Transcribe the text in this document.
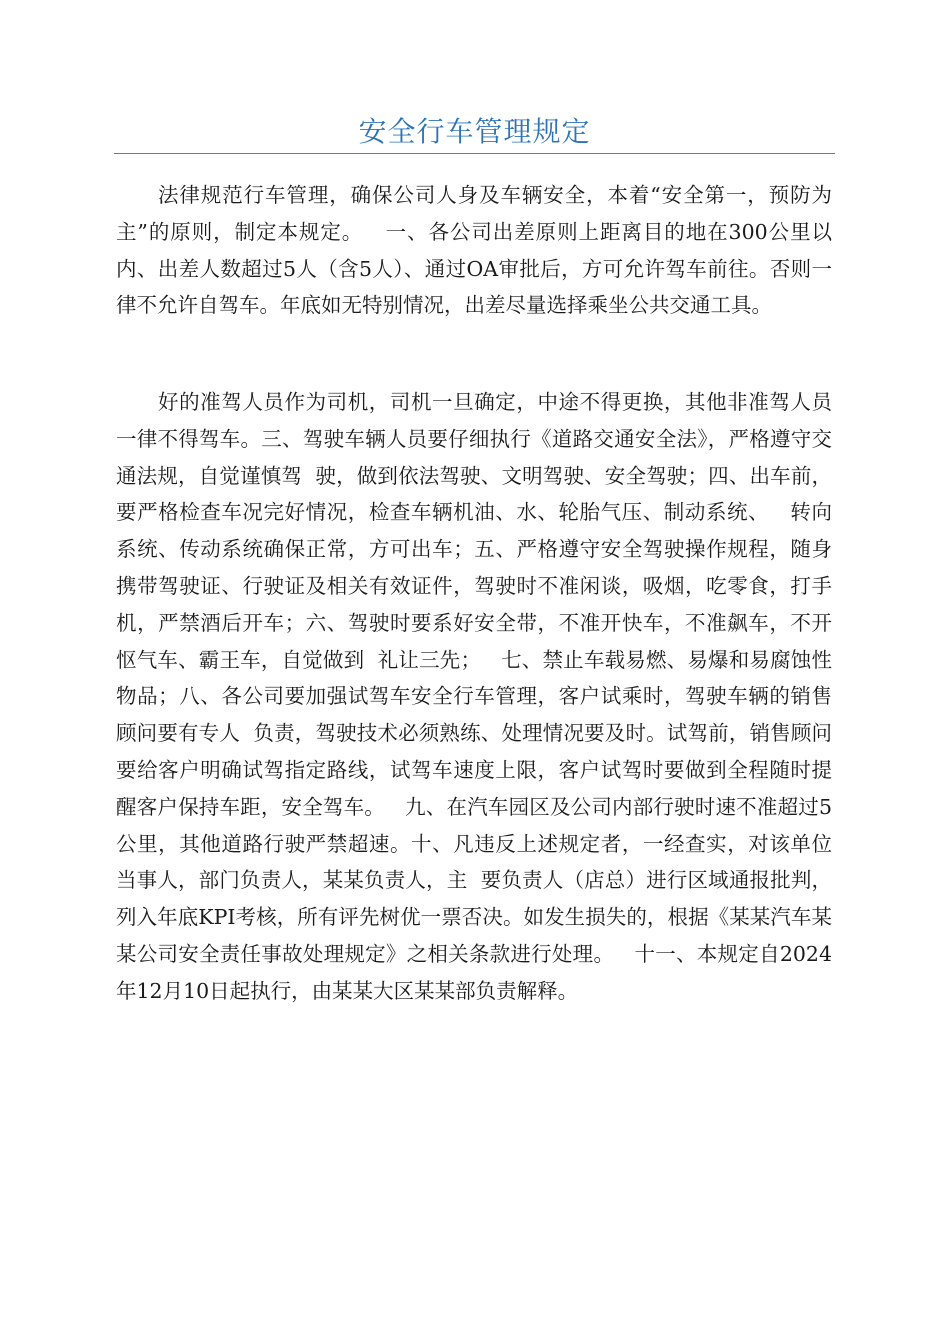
安全行车管理规定

法律规范行车管理，确保公司人身及车辆安全，本着“安全第一，预防为主”的原则，制定本规定。   一、各公司出差原则上距离目的地在300公里以内、出差人数超过5人（含5人）、通过OA审批后，方可允许驾车前往。否则一律不允许自驾车。年底如无特别情况，出差尽量选择乘坐公共交通工具。

好的准驾人员作为司机，司机一旦确定，中途不得更换，其他非准驾人员一律不得驾车。三、驾驶车辆人员要仔细执行《道路交通安全法》，严格遵守交通法规，自觉谨慎驾  驶，做到依法驾驶、文明驾驶、安全驾驶；四、出车前，要严格检查车况完好情况，检查车辆机油、水、轮胎气压、制动系统、   转向系统、传动系统确保正常，方可出车；五、严格遵守安全驾驶操作规程，随身携带驾驶证、行驶证及相关有效证件，驾驶时不准闲谈，吸烟，吃零食，打手机，严禁酒后开车；六、驾驶时要系好安全带，不准开快车，不准飙车，不开怄气车、霸王车，自觉做到  礼让三先；   七、禁止车载易燃、易爆和易腐蚀性物品；八、各公司要加强试驾车安全行车管理，客户试乘时，驾驶车辆的销售顾问要有专人  负责，驾驶技术必须熟练、处理情况要及时。试驾前，销售顾问要给客户明确试驾指定路线，试驾车速度上限，客户试驾时要做到全程随时提醒客户保持车距，安全驾车。   九、在汽车园区及公司内部行驶时速不准超过5公里，其他道路行驶严禁超速。十、凡违反上述规定者，一经查实，对该单位当事人，部门负责人，某某负责人，主  要负责人（店总）进行区域通报批判，列入年底KPI考核，所有评先树优一票否决。如发生损失的，根据《某某汽车某某公司安全责任事故处理规定》之相关条款进行处理。   十一、本规定自2024年12月10日起执行，由某某大区某某部负责解释。
